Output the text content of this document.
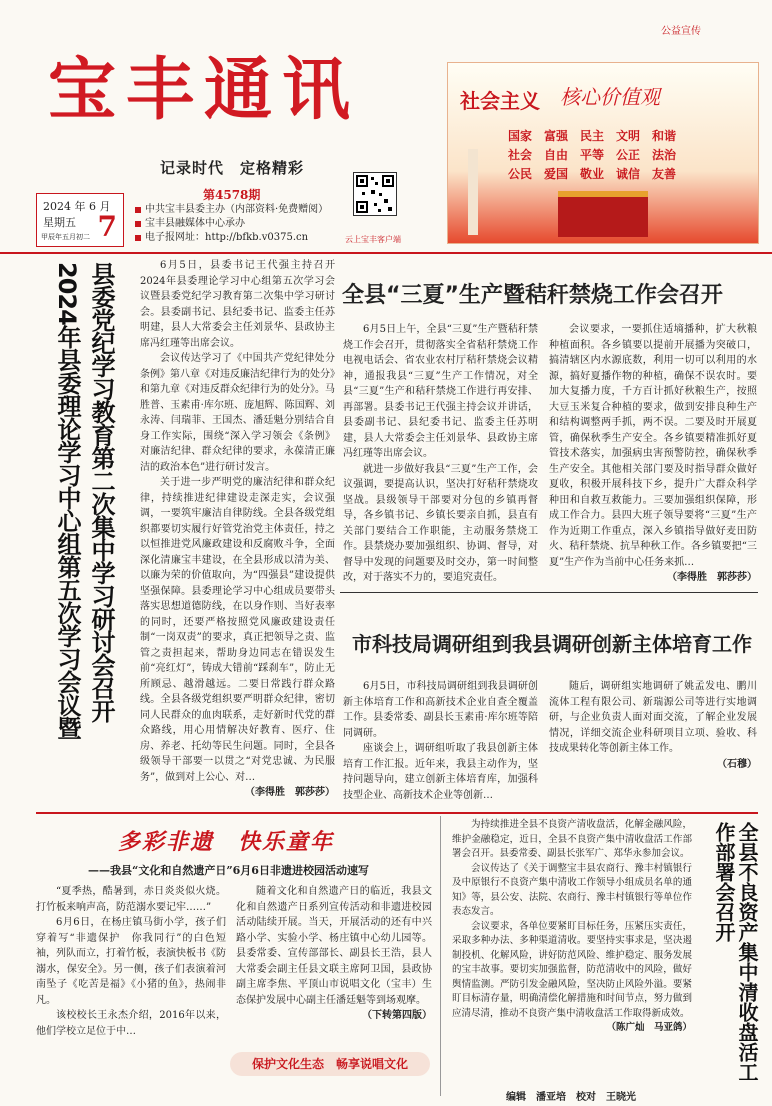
公益宣传
宝丰通讯
记录时代　定格精彩
第4578期
2024 年 6 月
星期五
甲辰年五月初二 7
中共宝丰县委主办（内部资料·免费赠阅）
宝丰县融媒体中心承办
电子报网址：http://bfkb.v0375.cn	云上宝丰客户端
社会主义 核心价值观
国家　富强　民主　文明　和谐
社会　自由　平等　公正　法治
公民　爱国　敬业　诚信　友善
县委党纪学习教育第二次集中学习研讨会召开
2024年县委理论学习中心组第五次学习会议暨	6月5日，县委书记王代强主持召开2024年县委理论学习中心组第五次学习会议暨县委党纪学习教育第二次集中学习研讨会。县委副书记、县纪委书记、监委主任苏明建，县人大常委会主任刘景华、县政协主席冯红瑾等出席会议。

会议传达学习了《中国共产党纪律处分条例》第八章《对违反廉洁纪律行为的处分》和第九章《对违反群众纪律行为的处分》。马胜普、玉素甫·库尔班、庞旭辉、陈国辉、刘永涛、闫瑞菲、王国杰、潘廷魁分别结合自身工作实际，围绕“深入学习领会《条例》对廉洁纪律、群众纪律的要求，永葆清正廉洁的政治本色”进行研讨发言。

关于进一步严明党的廉洁纪律和群众纪律，持续推进纪律建设走深走实，会议强调，一要筑牢廉洁自律防线。全县各级党组织都要切实履行好管党治党主体责任，持之以恒推进党风廉政建设和反腐败斗争，全面深化清廉宝丰建设，在全县形成以清为美、以廉为荣的价值取向，为“四强县”建设提供坚强保障。县委理论学习中心组成员要带头落实思想道德防线，在以身作则、当好表率的同时，还要严格按照党风廉政建设责任制“一岗双责”的要求，真正把领导之责、监管之责担起来，帮助身边同志在错误发生前“亮红灯”，铸成大错前“踩刹车”，防止无所顾忌、越滑越远。二要日常践行群众路线。全县各级党组织要严明群众纪律，密切同人民群众的血肉联系，走好新时代党的群众路线，用心用情解决好教育、医疗、住房、养老、托幼等民生问题。同时，全县各级领导干部要一以贯之“对党忠诚、为民服务”，做到对上公心、对…

（李得胜　郭莎莎）
全县“三夏”生产暨秸秆禁烧工作会召开

6月5日上午，全县“三夏”生产暨秸秆禁烧工作会召开，贯彻落实全省秸秆禁烧工作电视电话会、省农业农村厅秸秆禁烧会议精神，通报我县“三夏”生产工作情况，对全县“三夏”生产和秸秆禁烧工作进行再安排、再部署。县委书记王代强主持会议并讲话，县委副书记、县纪委书记、监委主任苏明建，县人大常委会主任刘景华、县政协主席冯红瑾等出席会议。

就进一步做好我县“三夏”生产工作，会议强调，要提高认识，坚决打好秸秆禁烧攻坚战。县级领导干部要对分包的乡镇再督导，各乡镇书记、乡镇长要亲自抓，县直有关部门要结合工作职能，主动服务禁烧工作。县禁烧办要加强组织、协调、督导，对督导中发现的问题要及时交办，第一时间整改，对于落实不力的，要追究责任。

会议要求，一要抓住适墒播种，扩大秋粮种植面积。各乡镇要以提前开展播为突破口，搞清辖区内水源底数，利用一切可以利用的水源，搞好夏播作物的种植，确保不误农时。要加大复播力度，千方百计抓好秋粮生产，按照大豆玉米复合种植的要求，做到安排良种生产和结构调整两手抓，两不误。二要及时开展夏管，确保秋季生产安全。各乡镇要精准抓好夏管技术落实，加强病虫害预警防控，确保秋季生产安全。其他相关部门要及时指导群众做好夏收，积极开展科技下乡，提升广大群众科学种田和自救互救能力。三要加强组织保障，形成工作合力。县四大班子领导要将“三夏”生产作为近期工作重点，深入乡镇指导做好麦田防火、秸秆禁烧、抗旱种秋工作。各乡镇要把“三夏”生产作为当前中心任务来抓…

（李得胜　郭莎莎）
市科技局调研组到我县调研创新主体培育工作

6月5日，市科技局调研组到我县调研创新主体培育工作和高新技术企业自查全覆盖工作。县委常委、副县长玉素甫·库尔班等陪同调研。

座谈会上，调研组听取了我县创新主体培育工作汇报。近年来，我县主动作为，坚持问题导向，建立创新主体培育库，加强科技型企业、高新技术企业等创新…

随后，调研组实地调研了姚孟发电、鹏川流体工程有限公司、新瑞源公司等进行实地调研，与企业负责人面对面交流，了解企业发展情况，详细交流企业科研项目立项、验收、科技成果转化等创新主体工作。

（石穆）
多彩非遗　快乐童年
——我县“文化和自然遗产日”6月6日非遗进校园活动速写

“夏季热，酷暑到，赤日炎炎似火烧。打竹板来响声高，防范溺水要记牢……”

6月6日，在杨庄镇马街小学，孩子们穿着写“非遗保护　你我同行”的白色短袖，列队而立，打着竹板，表演快板书《防溺水，保安全》。另一侧，孩子们表演着河南坠子《吃苦是福》《小猪的鱼》，热闹非凡。

该校校长王永杰介绍，2016年以来，他们学校立足位于中…

随着文化和自然遗产日的临近，我县文化和自然遗产日系列宣传活动和非遗进校园活动陆续开展。当天，开展活动的还有中兴路小学、实验小学、杨庄镇中心幼儿园等。县委常委、宣传部部长、副县长王浩，县人大常委会副主任县文联主席阿卫国，县政协副主席李焦、平顶山市说唱文化（宝丰）生态保护发展中心副主任潘廷魁等到场观摩。

（下转第四版）
保护文化生态　畅享说唱文化

为持续推进全县不良资产清收盘活，化解金融风险，维护金融稳定，近日，全县不良资产集中清收盘活工作部署会召开。县委常委、副县长张军广、郑华永参加会议。

会议传达了《关于调整宝丰县农商行、豫丰村镇银行及中原银行不良资产集中清收工作领导小组成员名单的通知》等，县公安、法院、农商行、豫丰村镇银行等单位作表态发言。

会议要求，各单位要紧盯目标任务，压紧压实责任，采取多种办法、多种渠道清收。要坚持实事求是，坚决遏制投机、化解风险，讲好防范风险、维护稳定、服务发展的宝丰故事。要切实加强监督，防范清收中的风险，做好舆情监测。严防引发金融风险，坚决防止风险外溢。要紧盯目标清存量，明确清偿化解措施和时间节点，努力做到应清尽清，推动不良资产集中清收盘活工作取得新成效。

（陈广灿　马亚鸽）	全县不良资产集中清收盘活工作部署会召开
编辑　潘亚培　校对　王晓光
